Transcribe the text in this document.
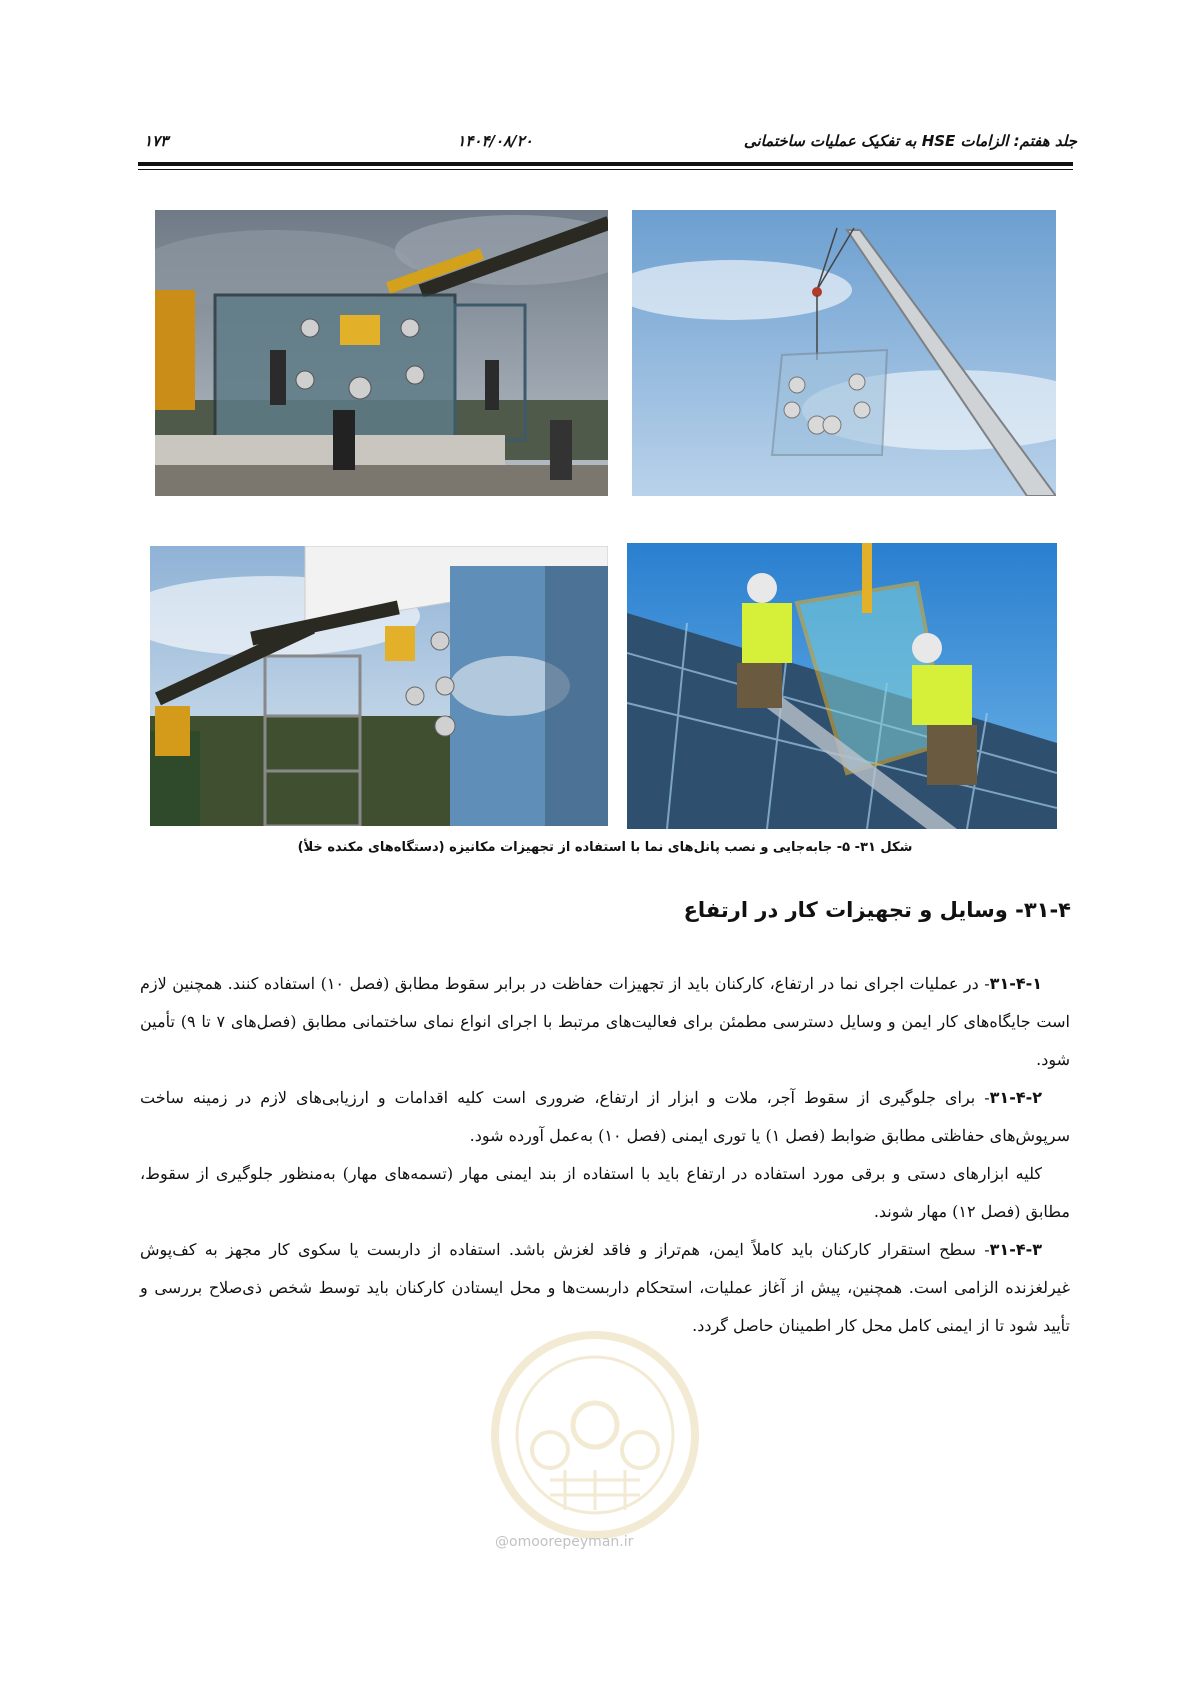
جلد هفتم: الزامات HSE به تفکیک عملیات ساختمانی
۱۴۰۴/۰۸/۲۰
۱۷۳
شکل ۳۱- ۵- جابه‌جایی و نصب پانل‌های نما با استفاده از تجهیزات مکانیزه (دستگاه‌های مکنده خلأ)
۳۱-۴- وسایل و تجهیزات کار در ارتفاع

۳۱-۴-۱- در عملیات اجرای نما در ارتفاع، کارکنان باید از تجهیزات حفاظت در برابر سقوط مطابق (فصل ۱۰) استفاده کنند. همچنین لازم است جایگاه‌های کار ایمن و وسایل دسترسی مطمئن برای فعالیت‌های مرتبط با اجرای انواع نمای ساختمانی مطابق (فصل‌های ۷ تا ۹) تأمین شود.

۳۱-۴-۲- برای جلوگیری از سقوط آجر، ملات و ابزار از ارتفاع، ضروری است کلیه اقدامات و ارزیابی‌های لازم در زمینه ساخت سرپوش‌های حفاظتی مطابق ضوابط (فصل ۱) یا توری ایمنی (فصل ۱۰) به‌عمل آورده شود.

کلیه ابزارهای دستی و برقی مورد استفاده در ارتفاع باید با استفاده از بند ایمنی مهار (تسمه‌های مهار) به‌منظور جلوگیری از سقوط، مطابق (فصل ۱۲) مهار شوند.

۳۱-۴-۳- سطح استقرار کارکنان باید کاملاً ایمن، هم‌تراز و فاقد لغزش باشد. استفاده از داربست یا سکوی کار مجهز به کف‌پوش غیرلغزنده الزامی است. همچنین، پیش از آغاز عملیات، استحکام داربست‌ها و محل ایستادن کارکنان باید توسط شخص ذی‌صلاح بررسی و تأیید شود تا از ایمنی کامل محل کار اطمینان حاصل گردد.

@omoorepeyman.ir
